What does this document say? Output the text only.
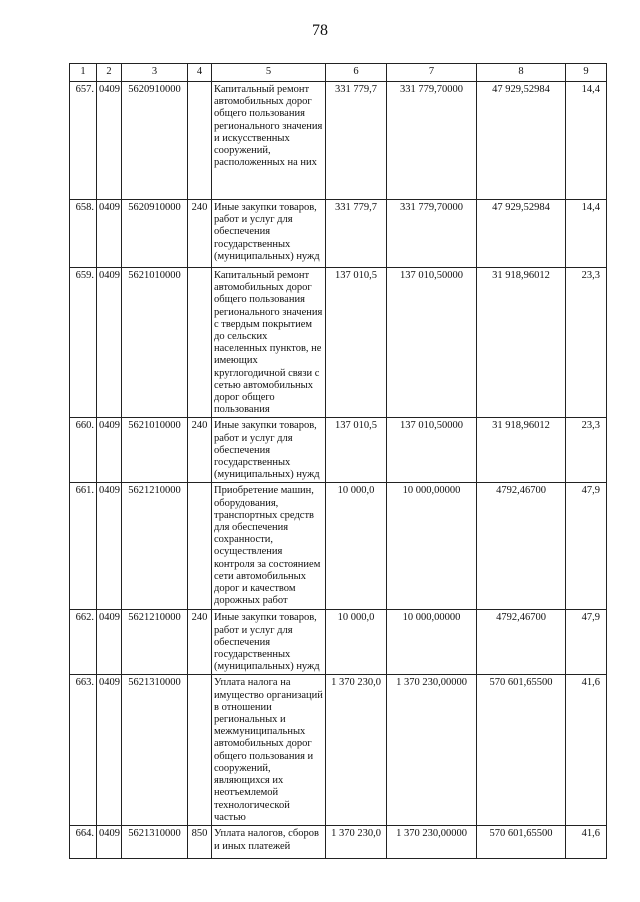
78
1	2	3	4	5	6	7	8	9
657.	0409	5620910000		Капитальный ремонт автомобильных дорог общего пользования регионального значения и искусственных сооружений, расположенных на них	331 779,7	331 779,70000	47 929,52984	14,4
658.	0409	5620910000	240	Иные закупки товаров, работ и услуг для обеспечения государственных (муниципальных) нужд	331 779,7	331 779,70000	47 929,52984	14,4
659.	0409	5621010000		Капитальный ремонт автомобильных дорог общего пользования регионального значения с твердым покрытием до сельских населенных пунктов, не имеющих круглогодичной связи с сетью автомобильных дорог общего пользования	137 010,5	137 010,50000	31 918,96012	23,3
660.	0409	5621010000	240	Иные закупки товаров, работ и услуг для обеспечения государственных (муниципальных) нужд	137 010,5	137 010,50000	31 918,96012	23,3
661.	0409	5621210000		Приобретение машин, оборудования, транспортных средств для обеспечения сохранности, осуществления контроля за состоянием сети автомобильных дорог и качеством дорожных работ	10 000,0	10 000,00000	4792,46700	47,9
662.	0409	5621210000	240	Иные закупки товаров, работ и услуг для обеспечения государственных (муниципальных) нужд	10 000,0	10 000,00000	4792,46700	47,9
663.	0409	5621310000		Уплата налога на имущество организаций в отношении региональных и межмуниципальных автомобильных дорог общего пользования и сооружений, являющихся их неотъемлемой технологической частью	1 370 230,0	1 370 230,00000	570 601,65500	41,6
664.	0409	5621310000	850	Уплата налогов, сборов и иных платежей	1 370 230,0	1 370 230,00000	570 601,65500	41,6
